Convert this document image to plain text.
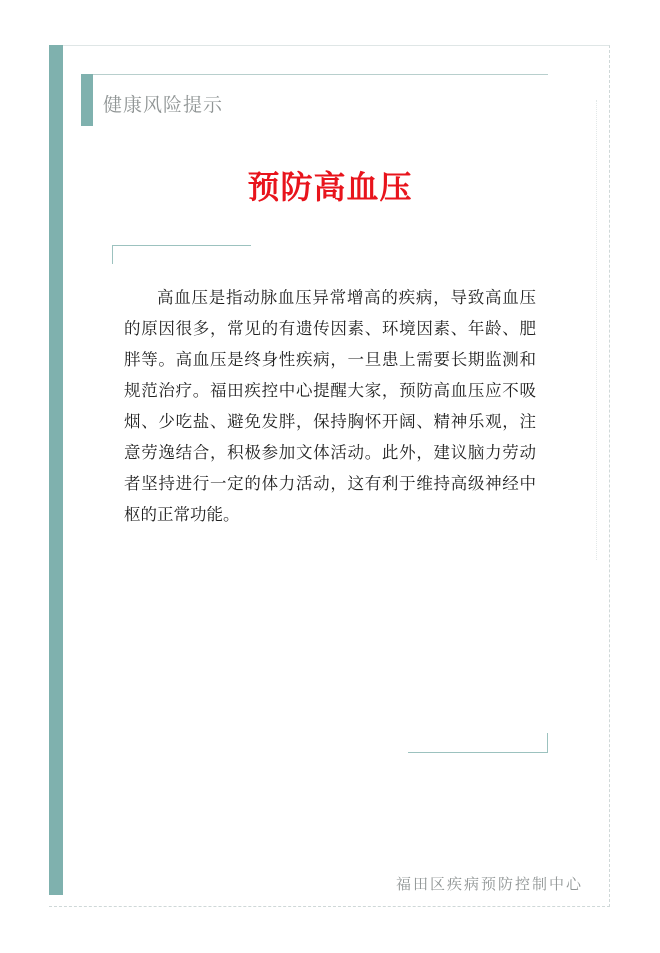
健康风险提示
预防高血压

高血压是指动脉血压异常增高的疾病，导致高血压的原因很多，常见的有遗传因素、环境因素、年龄、肥胖等。高血压是终身性疾病，一旦患上需要长期监测和规范治疗。福田疾控中心提醒大家，预防高血压应不吸烟、少吃盐、避免发胖，保持胸怀开阔、精神乐观，注意劳逸结合，积极参加文体活动。此外，建议脑力劳动者坚持进行一定的体力活动，这有利于维持高级神经中枢的正常功能。

福田区疾病预防控制中心
